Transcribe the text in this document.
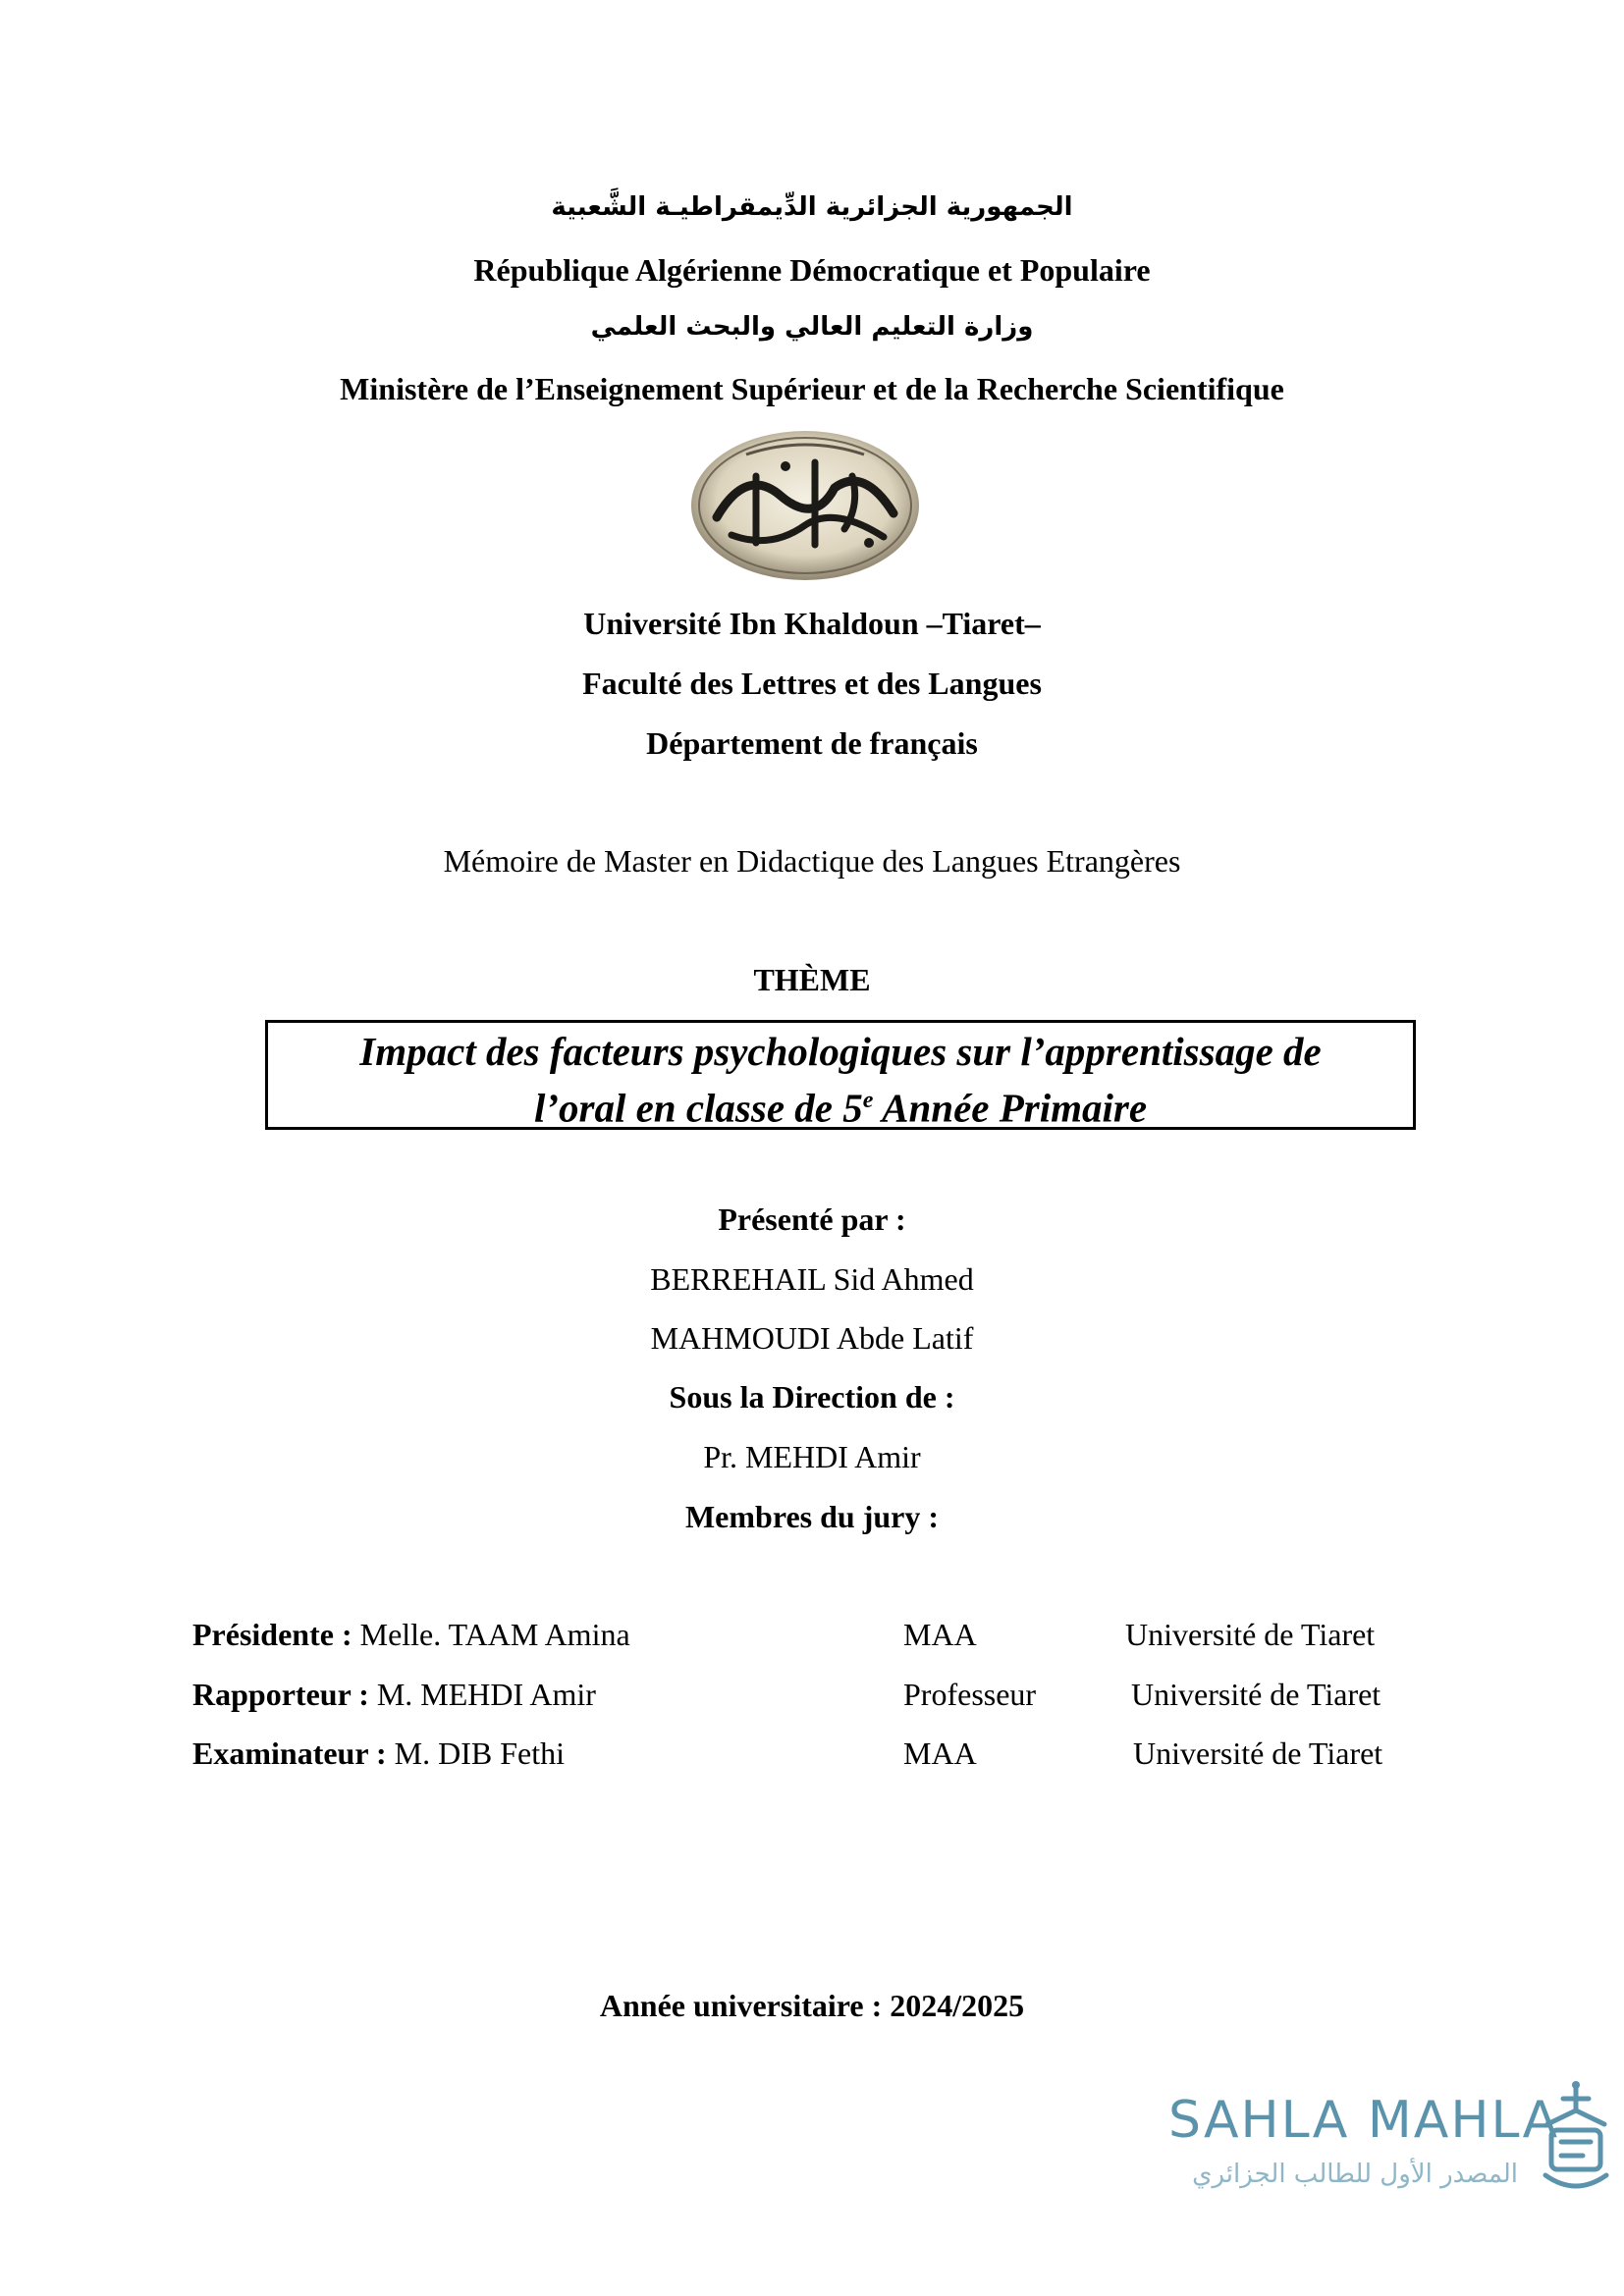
الجمهورية الجزائرية الدِّيمقراطيـة الشَّعبية
République Algérienne Démocratique et Populaire
وزارة التعليم العالي والبحث العلمي
Ministère de l’Enseignement Supérieur et de la Recherche Scientifique
Université Ibn Khaldoun –Tiaret–
Faculté des Lettres et des Langues
Département de français
Mémoire de Master en Didactique des Langues Etrangères
THÈME
Impact des facteurs psychologiques sur l’apprentissage de
l’oral en classe de 5e Année Primaire
Présenté par :
BERREHAIL Sid Ahmed
MAHMOUDI Abde Latif
Sous la Direction de :
Pr. MEHDI Amir
Membres du jury :
Présidente : Melle. TAAM Amina	MAA	Université de Tiaret
Rapporteur : M. MEHDI Amir	Professeur	Université de Tiaret
Examinateur : M. DIB Fethi	MAA	Université de Tiaret
Année universitaire : 2024/2025
SAHLA MAHLA
المصدر الأول للطالب الجزائري
